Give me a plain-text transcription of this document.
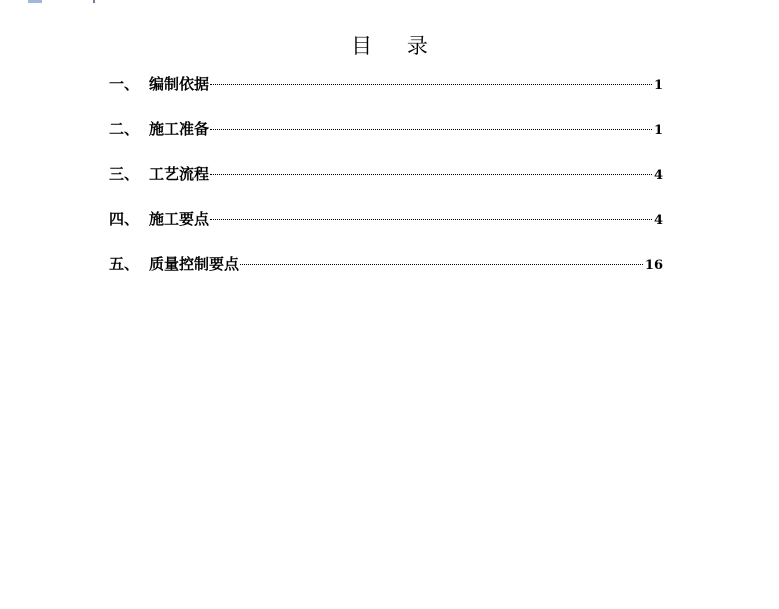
目 录
一、 编制依据	1
二、 施工准备	1
三、 工艺流程	4
四、 施工要点	4
五、 质量控制要点	16
